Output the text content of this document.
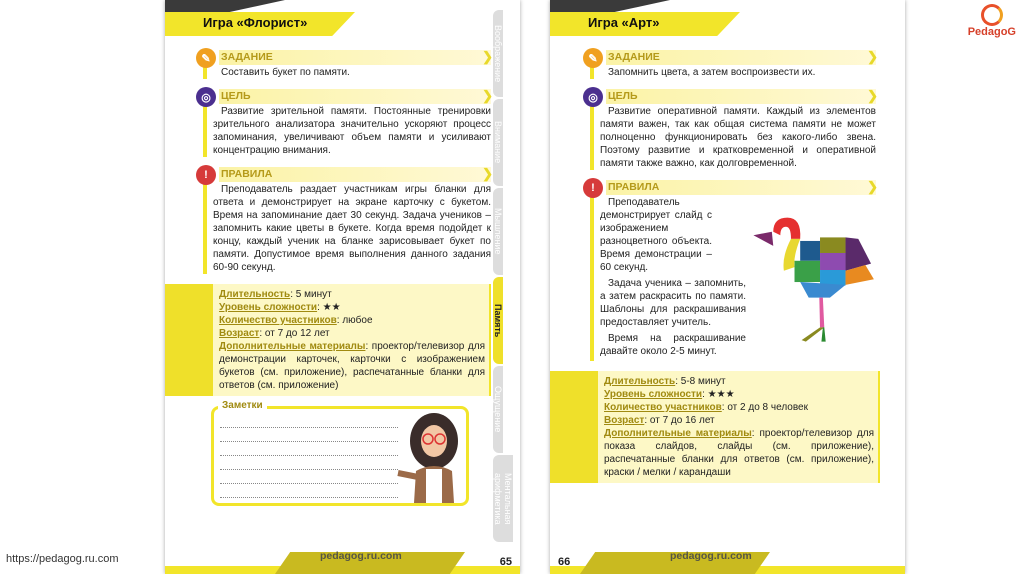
Игра «Флорист»
✎ ЗАДАНИЕ	❯
Составить букет по памяти.
◎ ЦЕЛЬ	❯
Развитие зрительной памяти. Постоянные тренировки зрительного анализатора значительно ускоряют процесс запоминания, увеличивают объем памяти и усиливают концентрацию внимания.
!	ПРАВИЛА	❯
Преподаватель раздает участникам игры бланки для ответа и демонстрирует на экране карточку с букетом. Время на запоминание дает 30 секунд. Задача учеников – запомнить какие цветы в букете. Когда время подойдет к концу, каждый ученик на бланке зарисовывает букет по памяти. Допустимое время выполнения данного задания 60-90 секунд.
Длительность: 5 минут
Уровень сложности: ★★
Количество участников: любое
Возраст: от 7 до 12 лет
Дополнительные материалы: проектор/телевизор для демонстрации карточек, карточки с изображением букетов (см. приложение), распечатанные бланки для ответов (см. приложение)
Заметки
Воображение
Внимание
Мышление
Память
Ощущение
Ментальная арифметика
pedagog.ru.com	65
Игра «Арт»
✎ ЗАДАНИЕ	❯
Запомнить цвета, а затем воспроизвести их.
◎ ЦЕЛЬ	❯
Развитие оперативной памяти. Каждый из элементов памяти важен, так как общая система памяти не может полноценно функционировать без какого-либо звена. Поэтому развитие и кратковременной и оперативной памяти также важно, как долговременной.
!	ПРАВИЛА	❯
Преподаватель демонстрирует слайд с изображением разноцветного объекта. Время демонстрации – 60 секунд.
Задача ученика – запомнить, а затем раскрасить по памяти. Шаблоны для раскрашивания предоставляет учитель.
Время на раскрашивание давайте около 2-5 минут.
Длительность: 5-8 минут
Уровень сложности: ★★★
Количество участников: от 2 до 8 человек
Возраст: от 7 до 16 лет
Дополнительные материалы: проектор/телевизор для показа слайдов, слайды (см. приложение), распечатанные бланки для ответов (см. приложение), краски / мелки / карандаши
pedagog.ru.com
66
PedagoG
https://pedagog.ru.com
